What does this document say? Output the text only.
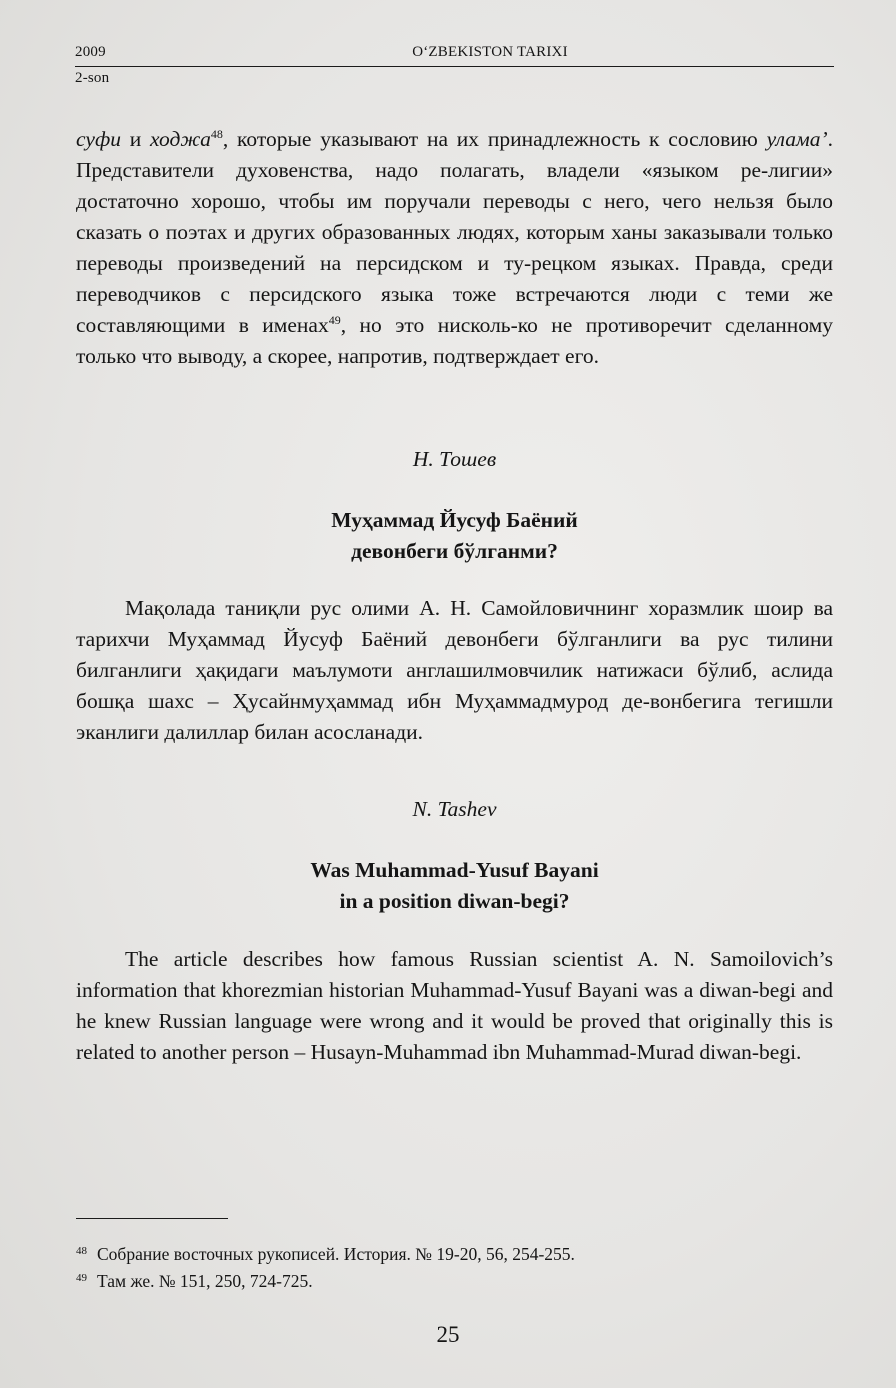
2009	O‘ZBEKISTON TARIXI
2-son

суфи и ходжа$^{48}$, которые указывают на их принадлежность к сословию улама’. Представители духовенства, надо полагать, владели «языком ре-лигии» достаточно хорошо, чтобы им поручали переводы с него, чего нельзя было сказать о поэтах и других образованных людях, которым ханы заказывали только переводы произведений на персидском и ту-рецком языках. Правда, среди переводчиков с персидского языка тоже встречаются люди с теми же составляющими в именах$^{49}$, но это нисколь-ко не противоречит сделанному только что выводу, а скорее, напротив, подтверждает его.

Н. Тошев
Муҳаммад Йусуф Баёний
девонбеги бўлганми?

Мақолада таниқли рус олими А. Н. Самойловичнинг хоразмлик шоир ва тарихчи Муҳаммад Йусуф Баёний девонбеги бўлганлиги ва рус тилини билганлиги ҳақидаги маълумоти англашилмовчилик натижаси бўлиб, аслида бошқа шахс – Ҳусайнмуҳаммад ибн Муҳаммадмурод де-вонбегига тегишли эканлиги далиллар билан асосланади.

N. Tashev
Was Muhammad-Yusuf Bayani
in a position diwan-begi?

The article describes how famous Russian scientist A. N. Samoilovich’s information that khorezmian historian Muhammad-Yusuf Bayani was a diwan-begi and he knew Russian language were wrong and it would be proved that originally this is related to another person – Husayn-Muhammad ibn Muhammad-Murad diwan-begi.

$^{48}$ Собрание восточных рукописей. История. № 19-20, 56, 254-255.
$^{49}$ Там же. № 151, 250, 724-725.
25
